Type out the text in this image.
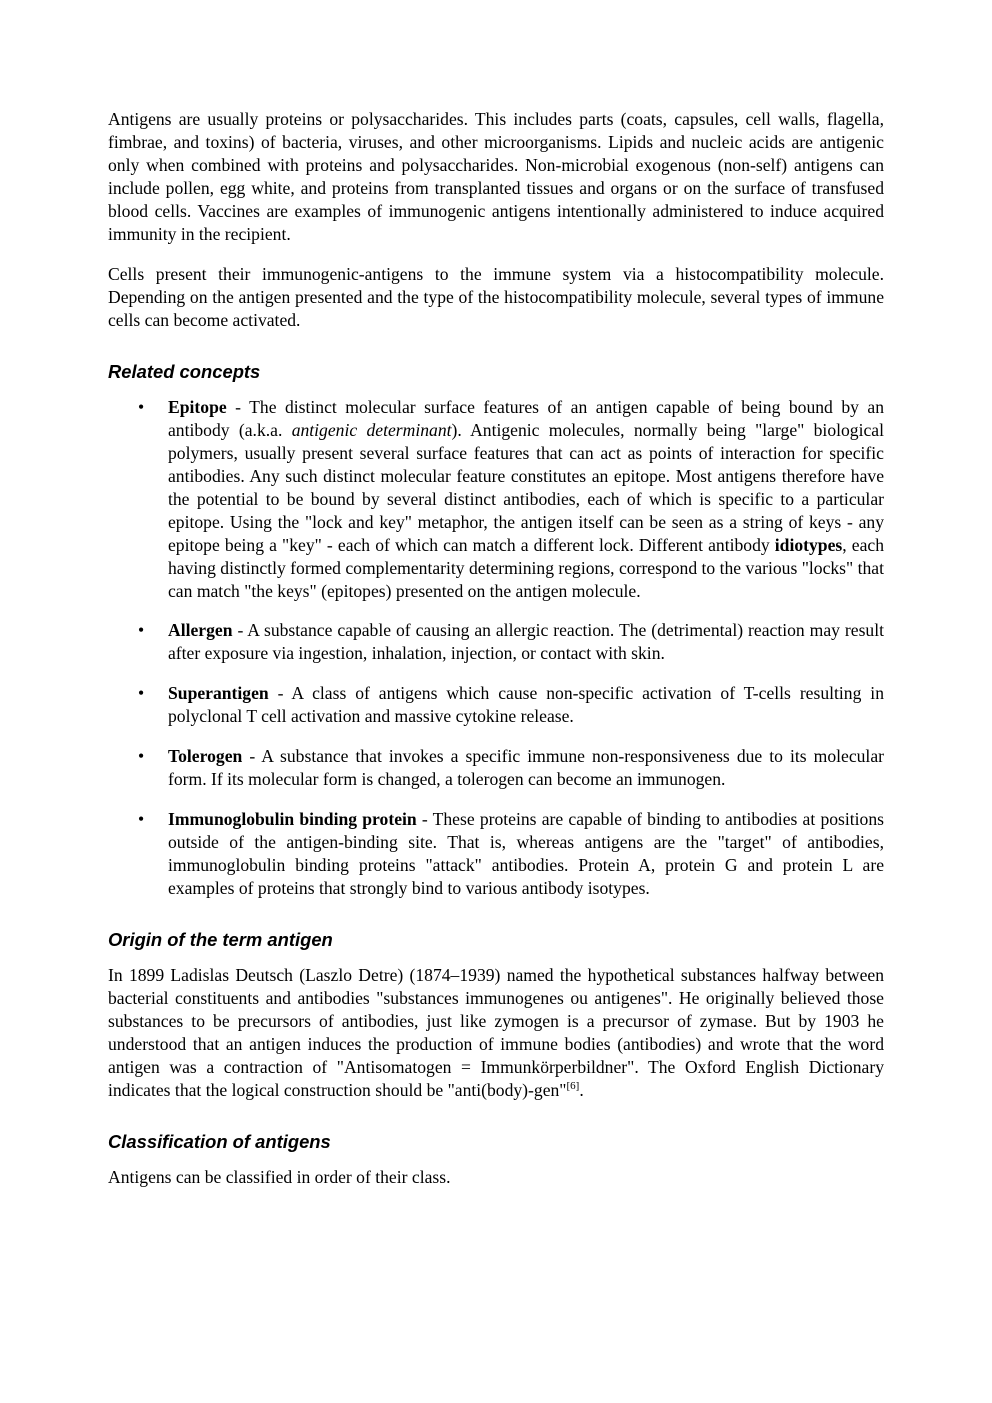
Antigens are usually proteins or polysaccharides. This includes parts (coats, capsules, cell walls, flagella, fimbrae, and toxins) of bacteria, viruses, and other microorganisms. Lipids and nucleic acids are antigenic only when combined with proteins and polysaccharides. Non-microbial exogenous (non-self) antigens can include pollen, egg white, and proteins from transplanted tissues and organs or on the surface of transfused blood cells. Vaccines are examples of immunogenic antigens intentionally administered to induce acquired immunity in the recipient.

Cells present their immunogenic-antigens to the immune system via a histocompatibility molecule. Depending on the antigen presented and the type of the histocompatibility molecule, several types of immune cells can become activated.

Related concepts
•	Epitope - The distinct molecular surface features of an antigen capable of being bound by an antibody (a.k.a. antigenic determinant). Antigenic molecules, normally being "large" biological polymers, usually present several surface features that can act as points of interaction for specific antibodies. Any such distinct molecular feature constitutes an epitope. Most antigens therefore have the potential to be bound by several distinct antibodies, each of which is specific to a particular epitope. Using the "lock and key" metaphor, the antigen itself can be seen as a string of keys - any epitope being a "key" - each of which can match a different lock. Different antibody idiotypes, each having distinctly formed complementarity determining regions, correspond to the various "locks" that can match "the keys" (epitopes) presented on the antigen molecule.
•	Allergen - A substance capable of causing an allergic reaction. The (detrimental) reaction may result after exposure via ingestion, inhalation, injection, or contact with skin.
•	Superantigen - A class of antigens which cause non-specific activation of T-cells resulting in polyclonal T cell activation and massive cytokine release.
•	Tolerogen - A substance that invokes a specific immune non-responsiveness due to its molecular form. If its molecular form is changed, a tolerogen can become an immunogen.
•	Immunoglobulin binding protein - These proteins are capable of binding to antibodies at positions outside of the antigen-binding site. That is, whereas antigens are the "target" of antibodies, immunoglobulin binding proteins "attack" antibodies. Protein A, protein G and protein L are examples of proteins that strongly bind to various antibody isotypes.
Origin of the term antigen

In 1899 Ladislas Deutsch (Laszlo Detre) (1874–1939) named the hypothetical substances halfway between bacterial constituents and antibodies "substances immunogenes ou antigenes". He originally believed those substances to be precursors of antibodies, just like zymogen is a precursor of zymase. But by 1903 he understood that an antigen induces the production of immune bodies (antibodies) and wrote that the word antigen was a contraction of "Antisomatogen = Immunkörperbildner". The Oxford English Dictionary indicates that the logical construction should be "anti(body)-gen"[6].

Classification of antigens

Antigens can be classified in order of their class.
